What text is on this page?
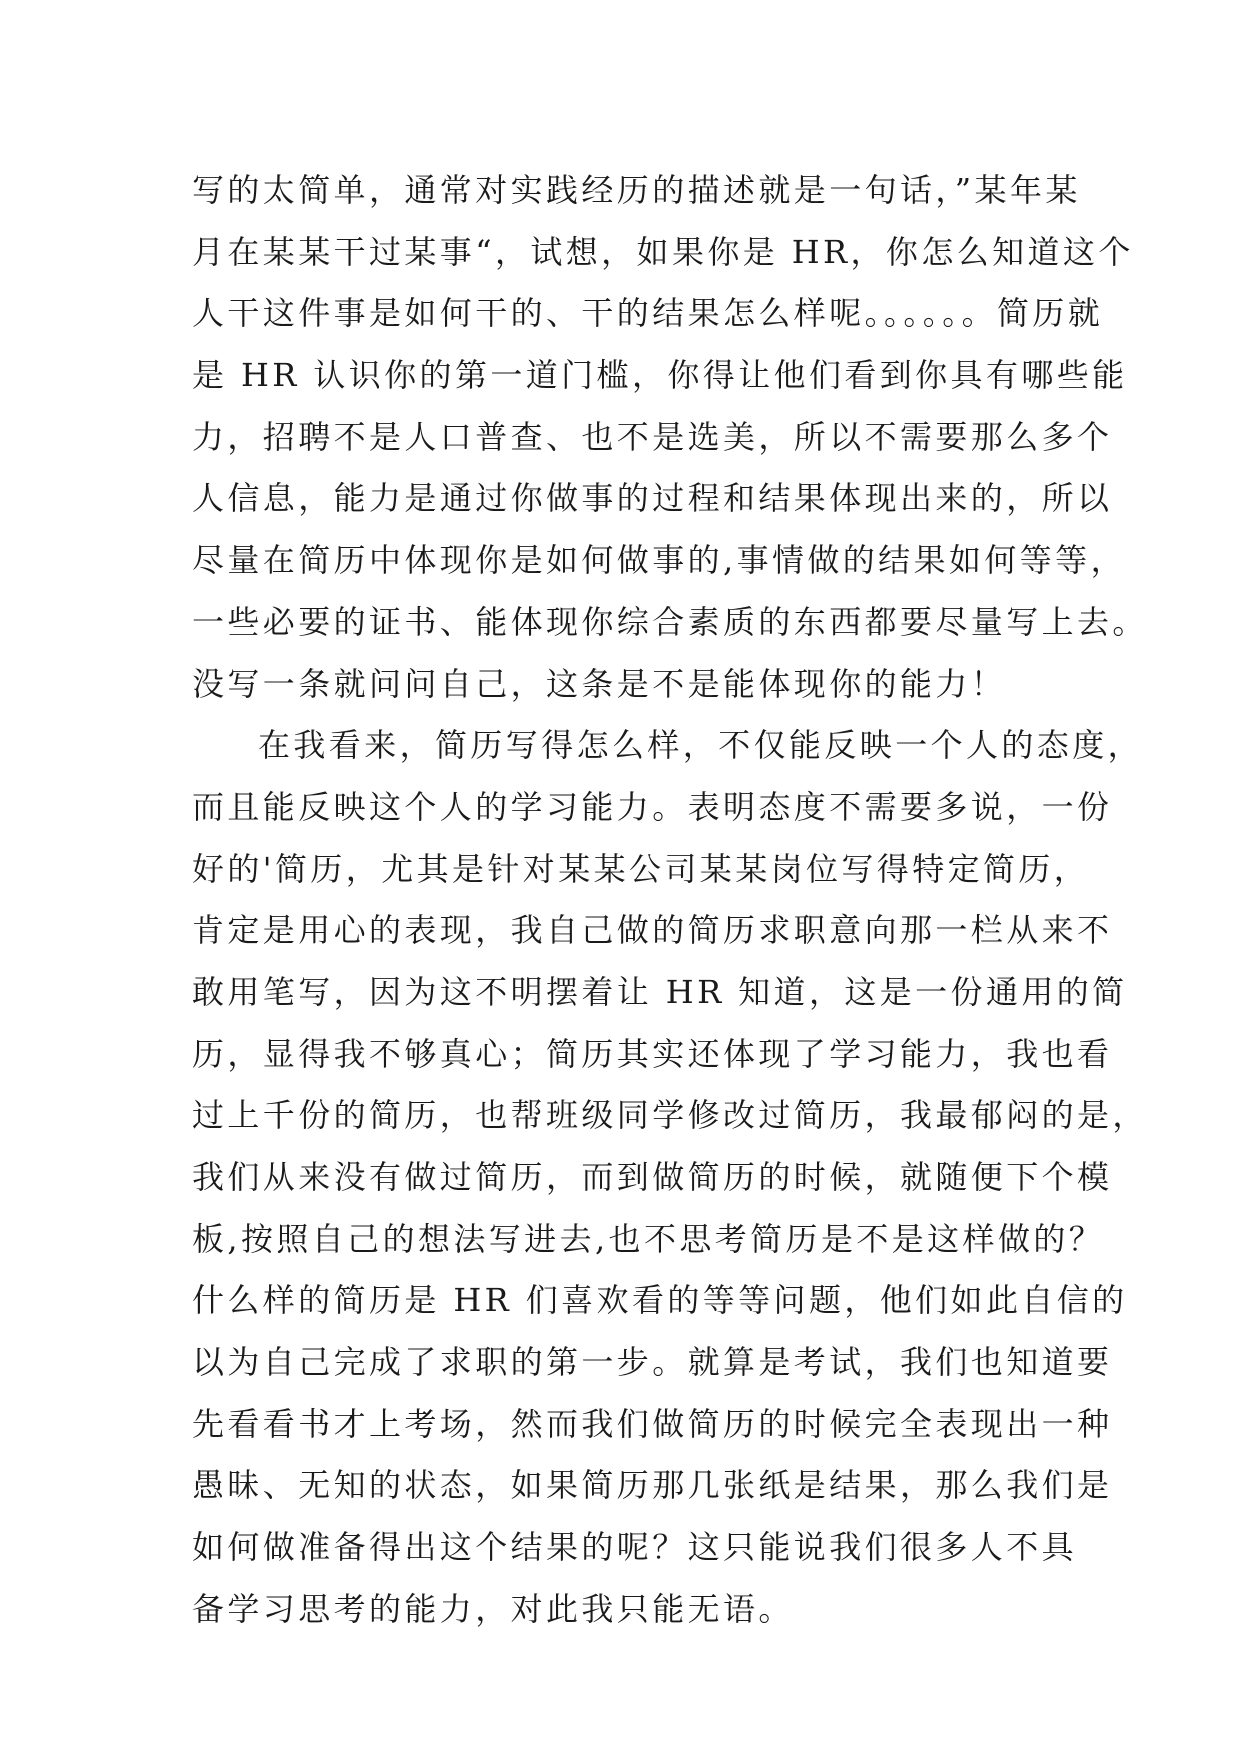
写的太简单，通常对实践经历的描述就是一句话，”某年某
月在某某干过某事“，试想，如果你是 HR，你怎么知道这个
人干这件事是如何干的、干的结果怎么样呢。。。。。。简历就
是 HR 认识你的第一道门槛，你得让他们看到你具有哪些能
力，招聘不是人口普查、也不是选美，所以不需要那么多个
人信息，能力是通过你做事的过程和结果体现出来的，所以
尽量在简历中体现你是如何做事的,事情做的结果如何等等，
一些必要的证书、能体现你综合素质的东西都要尽量写上去。
没写一条就问问自己，这条是不是能体现你的能力！
在我看来，简历写得怎么样，不仅能反映一个人的态度，
而且能反映这个人的学习能力。表明态度不需要多说，一份
好的'简历，尤其是针对某某公司某某岗位写得特定简历，
肯定是用心的表现，我自己做的简历求职意向那一栏从来不
敢用笔写，因为这不明摆着让 HR 知道，这是一份通用的简
历，显得我不够真心；简历其实还体现了学习能力，我也看
过上千份的简历，也帮班级同学修改过简历，我最郁闷的是，
我们从来没有做过简历，而到做简历的时候，就随便下个模
板,按照自己的想法写进去,也不思考简历是不是这样做的？
什么样的简历是 HR 们喜欢看的等等问题，他们如此自信的
以为自己完成了求职的第一步。就算是考试，我们也知道要
先看看书才上考场，然而我们做简历的时候完全表现出一种
愚昧、无知的状态，如果简历那几张纸是结果，那么我们是
如何做准备得出这个结果的呢？这只能说我们很多人不具
备学习思考的能力，对此我只能无语。
